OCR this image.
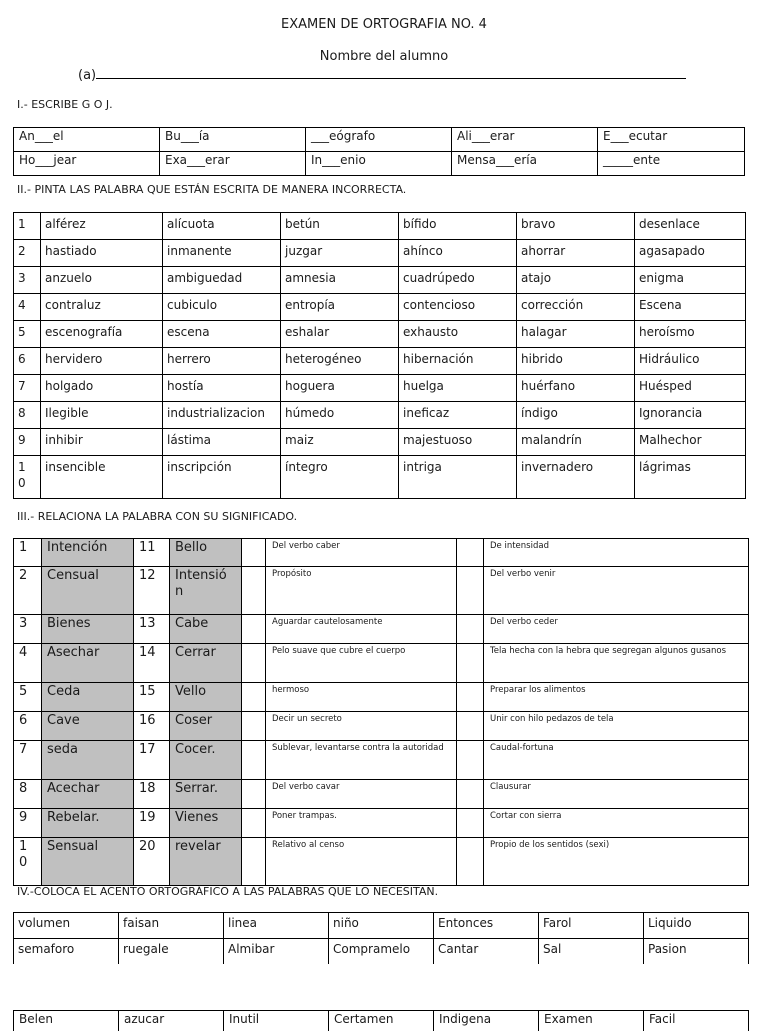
EXAMEN DE ORTOGRAFIA NO. 4
Nombre del alumno
(a)
I.- ESCRIBE G O J.
An___el	Bu___ía	___eógrafo	Ali___erar	E___ecutar
Ho___jear	Exa___erar	In___enio	Mensa___ería	_____ente
II.- PINTA LAS PALABRA QUE ESTÁN ESCRITA DE MANERA INCORRECTA.
1	alférez	alícuota	betún	bífido	bravo	desenlace
2	hastiado	inmanente	juzgar	ahínco	ahorrar	agasapado
3	anzuelo	ambiguedad	amnesia	cuadrúpedo	atajo	enigma
4	contraluz	cubiculo	entropía	contencioso	corrección	Escena
5	escenografía	escena	eshalar	exhausto	halagar	heroísmo
6	hervidero	herrero	heterogéneo	hibernación	hibrido	Hidráulico
7	holgado	hostía	hoguera	huelga	huérfano	Huésped
8	Ilegible	industrializacion	húmedo	ineficaz	índigo	Ignorancia
9	inhibir	lástima	maiz	majestuoso	malandrín	Malhechor
1
0	insencible	inscripción	íntegro	intriga	invernadero	lágrimas
III.- RELACIONA LA PALABRA CON SU SIGNIFICADO.
1	Intención	11	Bello		Del verbo caber		De intensidad
2	Censual	12	Intensió
n		Propósito		Del verbo venir
3	Bienes	13	Cabe		Aguardar cautelosamente		Del verbo ceder
4	Asechar	14	Cerrar		Pelo suave que cubre el cuerpo		Tela hecha con la hebra que segregan algunos gusanos
5	Ceda	15	Vello		hermoso		Preparar los alimentos
6	Cave	16	Coser		Decir un secreto		Unir con hilo pedazos de tela
7	seda	17	Cocer.		Sublevar, levantarse contra la autoridad		Caudal-fortuna
8	Acechar	18	Serrar.		Del verbo cavar		Clausurar
9	Rebelar.	19	Vienes		Poner trampas.		Cortar con sierra
1
0	Sensual	20	revelar		Relativo al censo		Propio de los sentidos (sexi)
IV.-COLOCA EL ACENTO ORTOGRÁFICO A LAS PALABRAS QUE LO NECESITAN.
volumen	faisan	linea	niño	Entonces	Farol	Liquido
semaforo	ruegale	Almibar	Compramelo	Cantar	Sal	Pasion
Belen	azucar	Inutil	Certamen	Indigena	Examen	Facil
